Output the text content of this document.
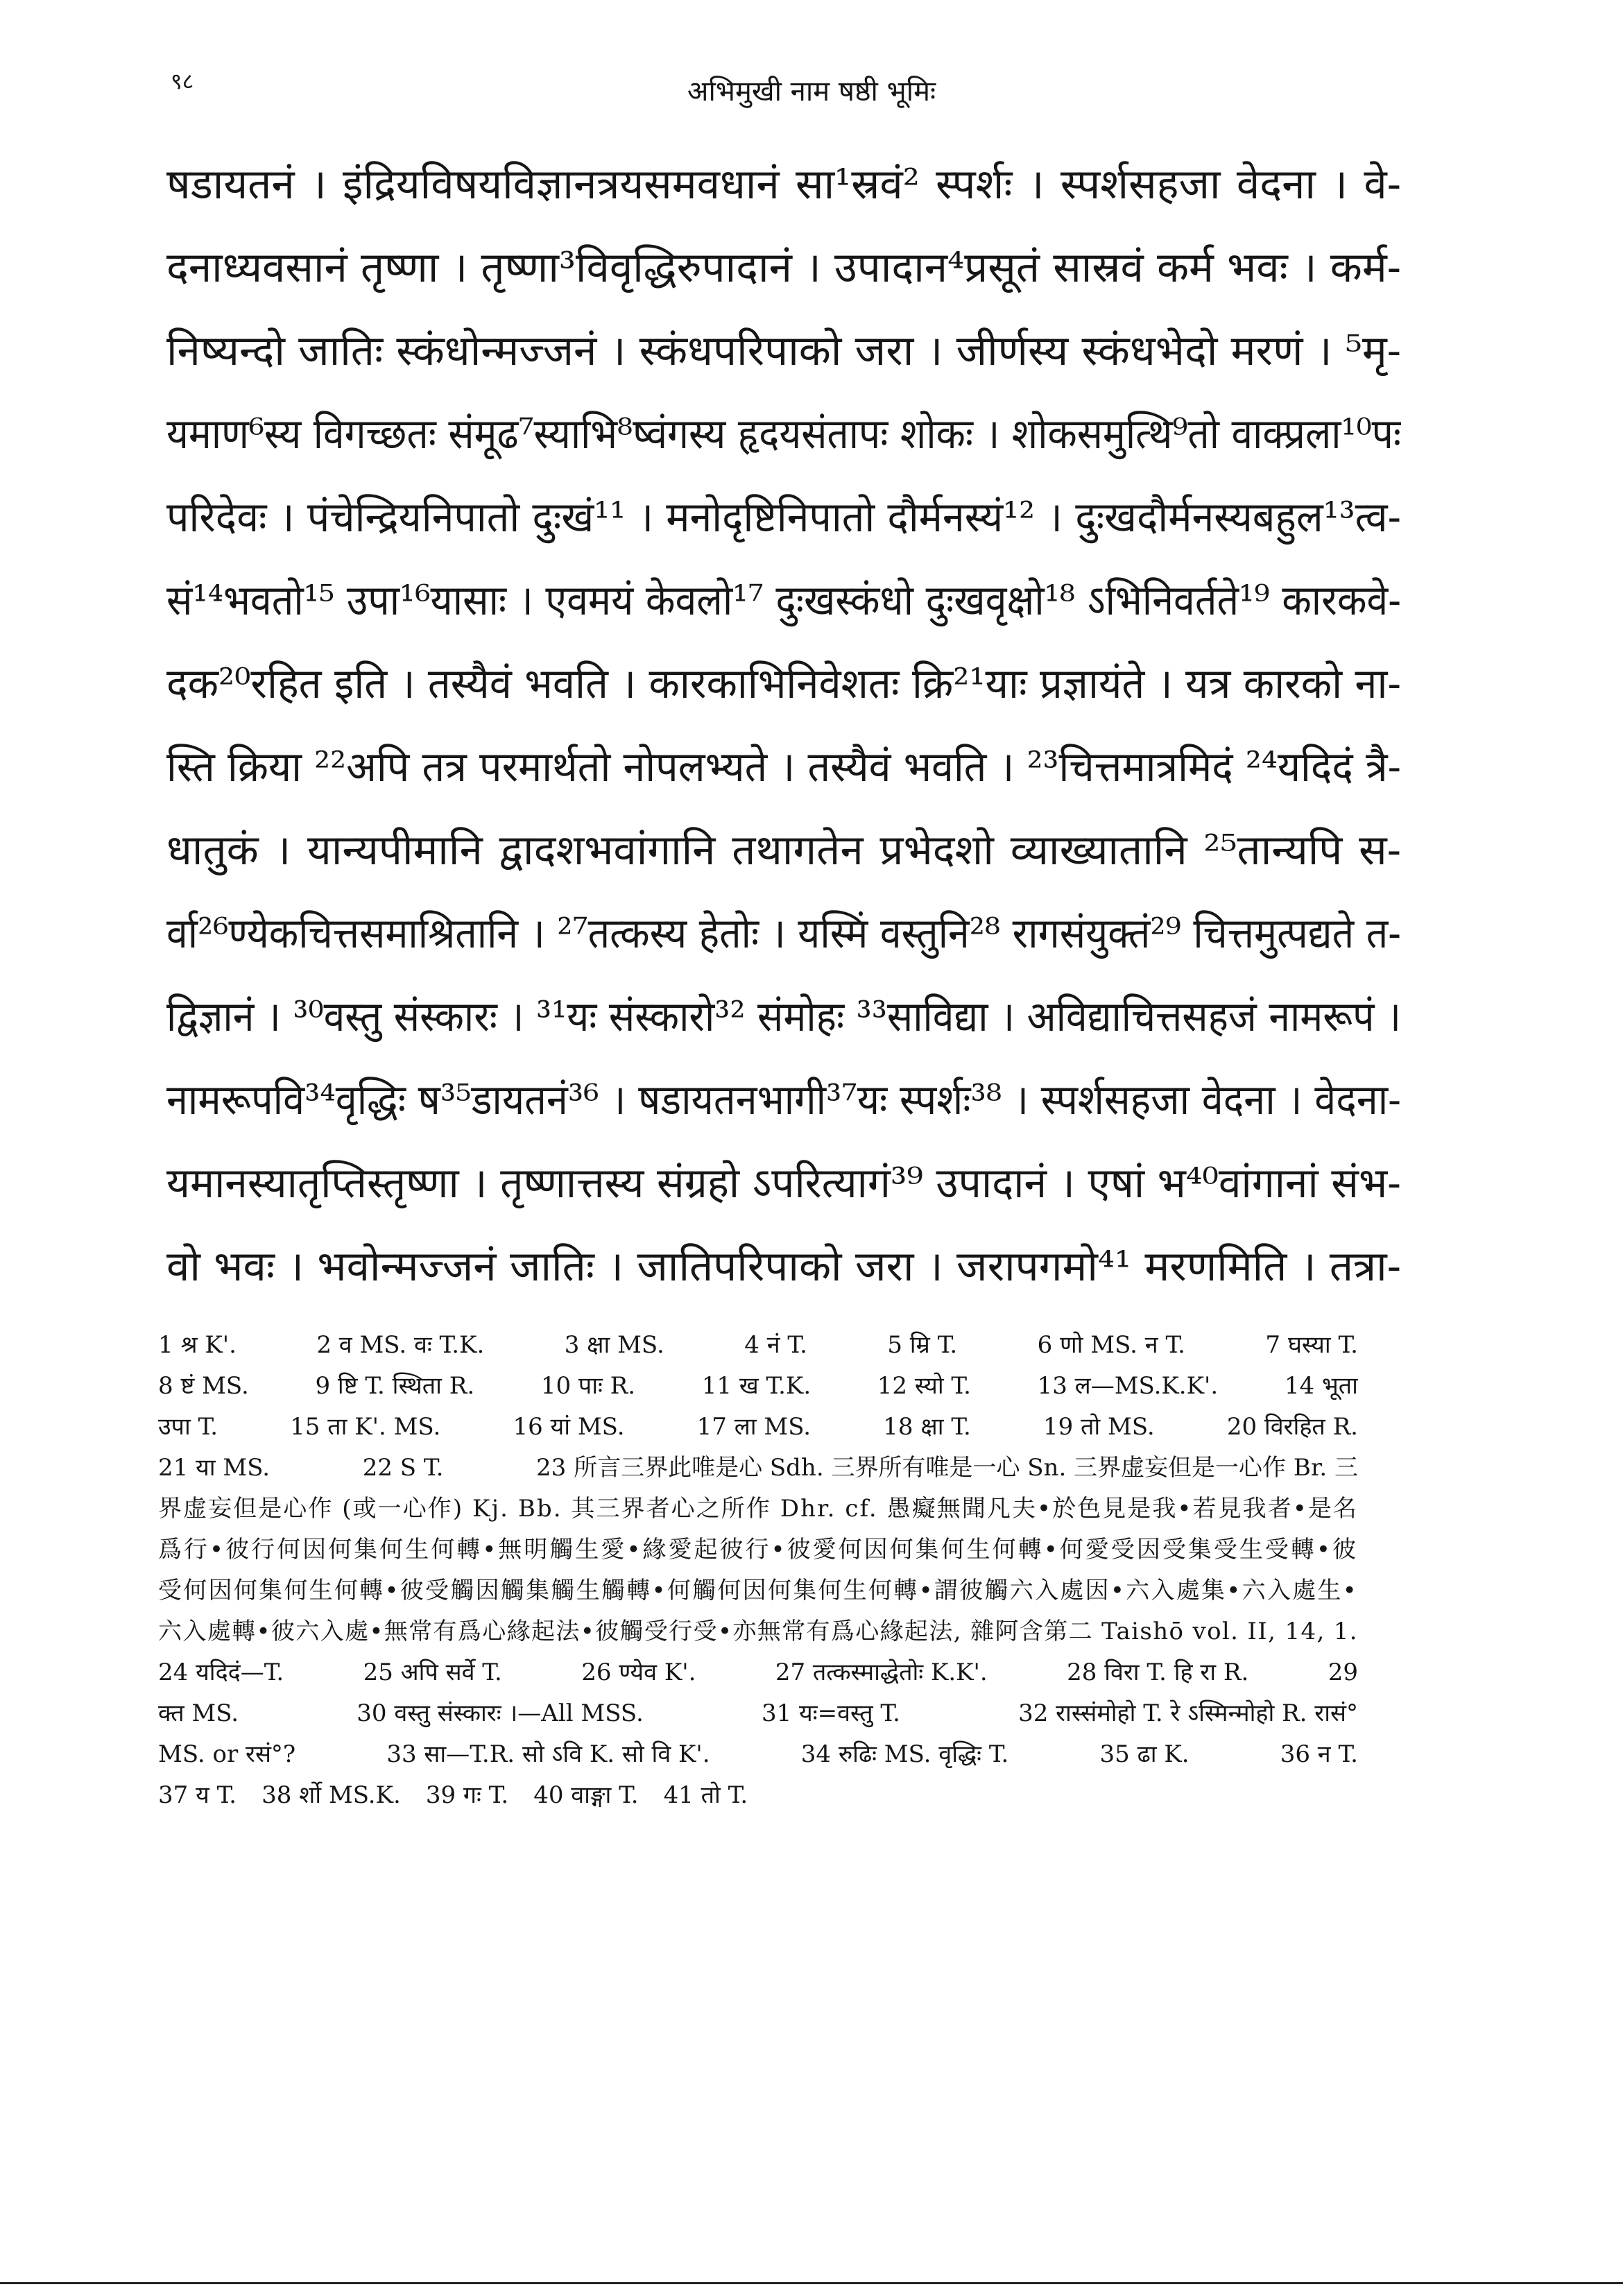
९८	अभिमुखी नाम षष्ठी भूमिः
षडायतनं । इंद्रियविषयविज्ञानत्रयसमवधानं सा¹स्रवं² स्पर्शः । स्पर्शसहजा वेदना । वे-
दनाध्यवसानं तृष्णा । तृष्णा³विवृद्धिरुपादानं । उपादान⁴प्रसूतं सास्रवं कर्म भवः । कर्म-
निष्यन्दो जातिः स्कंधोन्मज्जनं । स्कंधपरिपाको जरा । जीर्णस्य स्कंधभेदो मरणं । ⁵मृ-
यमाण⁶स्य विगच्छतः संमूढ⁷स्याभि⁸ष्वंगस्य हृदयसंतापः शोकः । शोकसमुत्थि⁹तो वाक्प्रला¹⁰पः
परिदेवः । पंचेन्द्रियनिपातो दुःखं¹¹ । मनोदृष्टिनिपातो दौर्मनस्यं¹² । दुःखदौर्मनस्यबहुल¹³त्व-
सं¹⁴भवतो¹⁵ उपा¹⁶यासाः । एवमयं केवलो¹⁷ दुःखस्कंधो दुःखवृक्षो¹⁸ ऽभिनिवर्तते¹⁹ कारकवे-
दक²⁰रहित इति । तस्यैवं भवति । कारकाभिनिवेशतः क्रि²¹याः प्रज्ञायंते । यत्र कारको ना-
स्ति क्रिया ²²अपि तत्र परमार्थतो नोपलभ्यते । तस्यैवं भवति । ²³चित्तमात्रमिदं ²⁴यदिदं त्रै-
धातुकं । यान्यपीमानि द्वादशभवांगानि तथागतेन प्रभेदशो व्याख्यातानि ²⁵तान्यपि स-
र्वा²⁶ण्येकचित्तसमाश्रितानि । ²⁷तत्कस्य हेतोः । यस्मिं वस्तुनि²⁸ रागसंयुक्तं²⁹ चित्तमुत्पद्यते त-
द्विज्ञानं । ³⁰वस्तु संस्कारः । ³¹यः संस्कारो³² संमोहः ³³साविद्या । अविद्याचित्तसहजं नामरूपं ।
नामरूपवि³⁴वृद्धिः ष³⁵डायतनं³⁶ । षडायतनभागी³⁷यः स्पर्शः³⁸ । स्पर्शसहजा वेदना । वेदना-
यमानस्यातृप्तिस्तृष्णा । तृष्णात्तस्य संग्रहो ऽपरित्यागं³⁹ उपादानं । एषां भ⁴⁰वांगानां संभ-
वो भवः । भवोन्मज्जनं जातिः । जातिपरिपाको जरा । जरापगमो⁴¹ मरणमिति । तत्रा-
1 श्र K'.	2 व MS. वः T.K.	3 क्षा MS.	4 नं T.	5 म्रि T.	6 णो MS. न T.	7 घस्या T.
8 ष्टं MS.	9 ष्टि T. स्थिता R.	10 पाः R.	11 ख T.K.	12 स्यो T.	13 ल—MS.K.K'.	14 भूता
उपा T.	15 ता K'. MS.	16 यां MS.	17 ला MS.	18 क्षा T.	19 तो MS.	20 विरहित R.
21 या MS.	22 S T.	23 所言三界此唯是心 Sdh. 三界所有唯是一心 Sn. 三界虚妄但是一心作 Br. 三
界虚妄但是心作 (或一心作) Kj. Bb. 其三界者心之所作 Dhr. cf. 愚癡無聞凡夫•於色見是我•若見我者•是名
爲行•彼行何因何集何生何轉•無明觸生愛•緣愛起彼行•彼愛何因何集何生何轉•何愛受因受集受生受轉•彼
受何因何集何生何轉•彼受觸因觸集觸生觸轉•何觸何因何集何生何轉•謂彼觸六入處因•六入處集•六入處生•
六入處轉•彼六入處•無常有爲心緣起法•彼觸受行受•亦無常有爲心緣起法, 雜阿含第二 Taishō vol. II, 14, 1.
24 यदिदं—T.	25 अपि सर्वे T.	26 ण्येव K'.	27 तत्कस्माद्धेतोः K.K'.	28 विरा T. हि रा R.	29
क्त MS.	30 वस्तु संस्कारः ।—All MSS.	31 यः=वस्तु T.	32 रास्संमोहो T. रे ऽस्मिन्मोहो R. रासं°
MS. or रसं°?	33 सा—T.R. सो ऽवि K. सो वि K'.	34 रुढिः MS. वृद्धिः T.	35 ढा K.	36 न T.
37 य T. 38 र्शो MS.K. 39 गः T. 40 वाङ्गा T. 41 तो T.
